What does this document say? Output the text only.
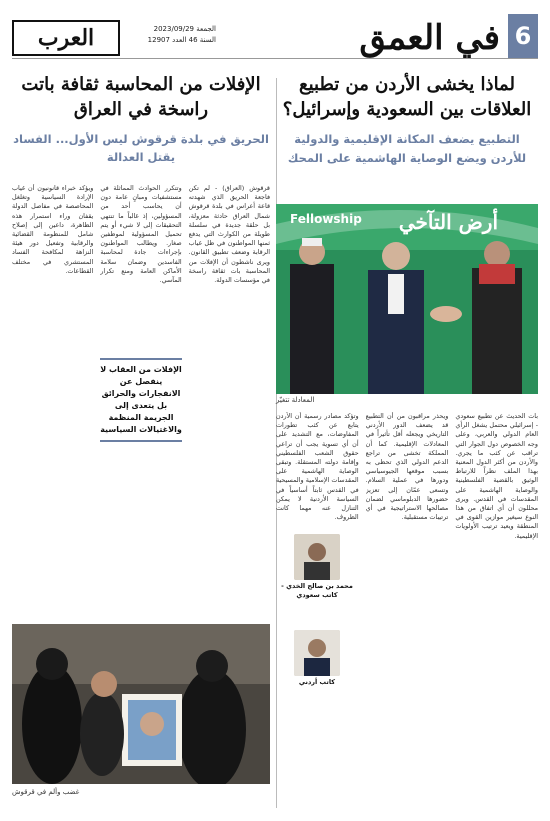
6
في العمق
العرب	الجمعة 2023/09/29
السنة 46 العدد 12907
لماذا يخشى الأردن من تطبيع العلاقات بين السعودية وإسرائيل؟
التطبيع يضعف المكانة الإقليمية والدولية للأردن ويضع الوصاية الهاشمية على المحك
أرض التآخي
Fellowship
المعادلة تتغيّر

بات الحديث عن تطبيع سعودي - إسرائيلي محتمل يشغل الرأي العام الدولي والعربي، وعلى وجه الخصوص دول الجوار التي تراقب عن كثب ما يجري. والأردن من أكثر الدول المعنية بهذا الملف نظراً للارتباط الوثيق بالقضية الفلسطينية والوصاية الهاشمية على المقدسات في القدس. ويرى محللون أن أي اتفاق من هذا النوع سيغير موازين القوى في المنطقة ويعيد ترتيب الأولويات الإقليمية.

ويحذر مراقبون من أن التطبيع قد يضعف الدور الأردني التاريخي ويجعله أقل تأثيراً في المعادلات الإقليمية. كما أن المملكة تخشى من تراجع الدعم الدولي الذي تحظى به بسبب موقعها الجيوسياسي ودورها في عملية السلام. وتسعى عمّان إلى تعزيز حضورها الدبلوماسي لضمان مصالحها الاستراتيجية في أي ترتيبات مستقبلية.

وتؤكد مصادر رسمية أن الأردن يتابع عن كثب تطورات المفاوضات، مع التشديد على أن أي تسوية يجب أن تراعي حقوق الشعب الفلسطيني وإقامة دولته المستقلة. وتبقى الوصاية الهاشمية على المقدسات الإسلامية والمسيحية في القدس ثابتاً أساسياً في السياسة الأردنية لا يمكن التنازل عنه مهما كانت الظروف.

محمد بن صالح الخدي - كاتب سعودي
كاتب أردني
الإفلات من المحاسبة ثقافة باتت راسخة في العراق
الحريق في بلدة قرقوش ليس الأول... الفساد يقتل العدالة

قرقوش (العراق) - لم تكن فاجعة الحريق الذي شهدته قاعة أعراس في بلدة قرقوش شمال العراق حادثة معزولة، بل حلقة جديدة في سلسلة طويلة من الكوارث التي يدفع ثمنها المواطنون في ظل غياب الرقابة وضعف تطبيق القانون. ويرى ناشطون أن الإفلات من المحاسبة بات ثقافة راسخة في مؤسسات الدولة.

وتتكرر الحوادث المماثلة في مستشفيات ومبانٍ عامة دون أن يحاسب أحد من المسؤولين، إذ غالباً ما تنتهي التحقيقات إلى لا شيء أو يتم تحميل المسؤولية لموظفين صغار. ويطالب المواطنون بإجراءات جادة لمحاسبة الفاسدين وضمان سلامة الأماكن العامة ومنع تكرار المآسي.

ويؤكد خبراء قانونيون أن غياب الإرادة السياسية وتغلغل المحاصصة في مفاصل الدولة يقفان وراء استمرار هذه الظاهرة، داعين إلى إصلاح شامل للمنظومة القضائية والرقابية وتفعيل دور هيئة النزاهة لمكافحة الفساد المستشري في مختلف القطاعات.

الإفلات من العقاب لا ينفصل عن الانفجارات والحرائق بل يتعدى إلى الجريمة المنظمة والاغتيالات السياسية
غضب وألم في قرقوش
